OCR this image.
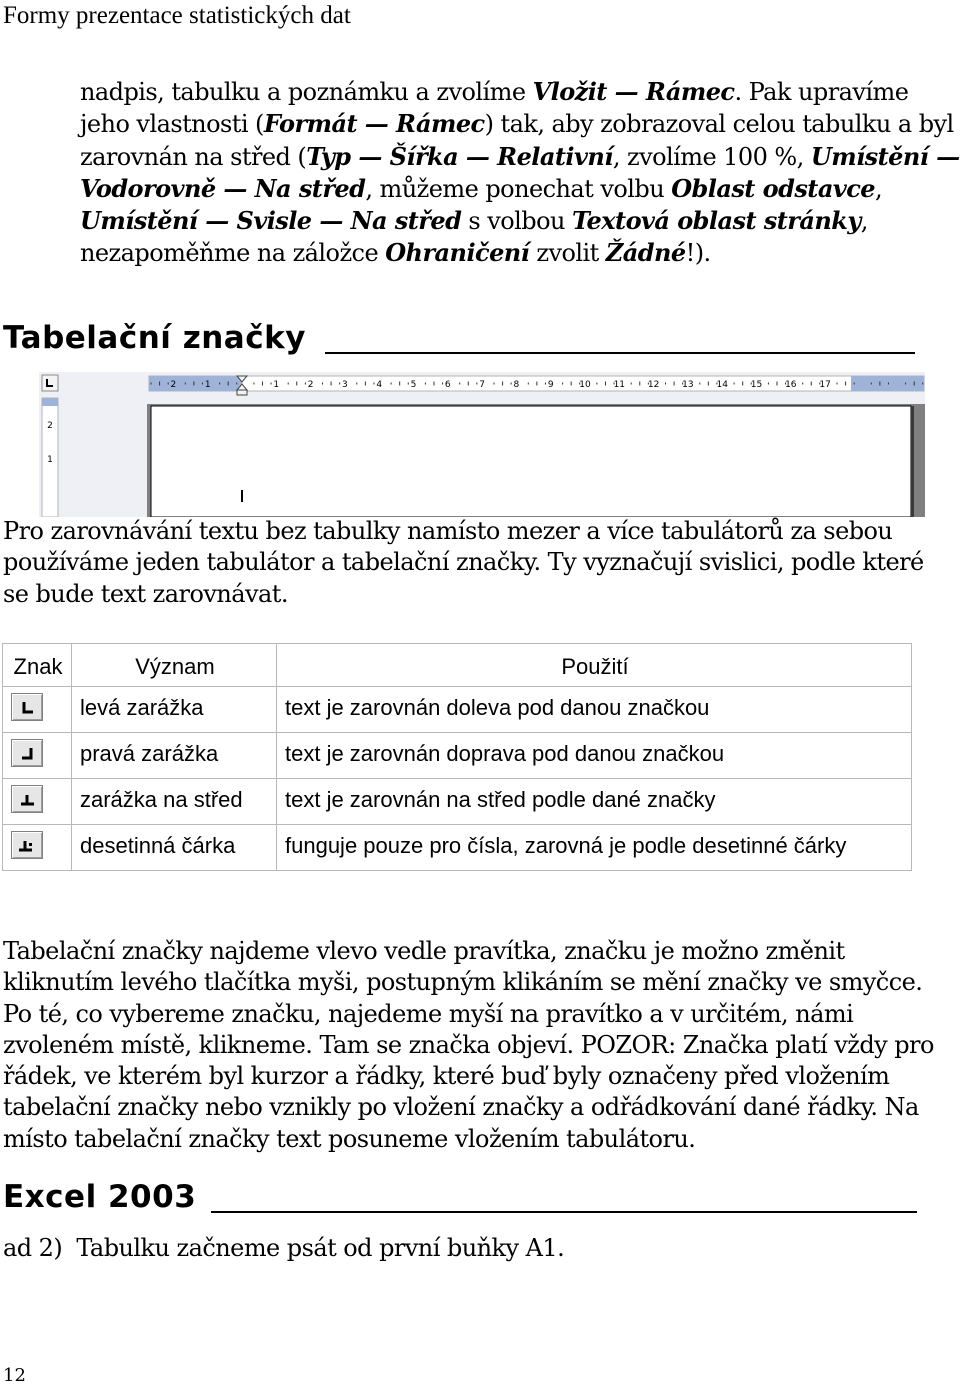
Formy prezentace statistických dat
nadpis, tabulku a poznámku a zvolíme Vložit — Rámec. Pak upravíme jeho vlastnosti (Formát — Rámec) tak, aby zobrazoval celou tabulku a byl zarovnán na střed (Typ — Šířka — Relativní, zvolíme 100 %, Umístění — Vodorovně — Na střed, můžeme ponechat volbu Oblast odstavce, Umístění — Svisle — Na střed s volbou Textová oblast stránky, nezapoměňme na záložce Ohraničení zvolit Žádné!).
Tabelační značky
2	1	1	2	3	4	5	6	7	8	9	10	11	12	13	14	15	16	17
2
1
Pro zarovnávání textu bez tabulky namísto mezer a více tabulátorů za sebou používáme jeden tabulátor a tabelační značky. Ty vyznačují svislici, podle které se bude text zarovnávat.
Znak	Význam	Použití

	levá zarážka	text je zarovnán doleva pod danou značkou

	pravá zarážka	text je zarovnán doprava pod danou značkou

	zarážka na střed	text je zarovnán na střed podle dané značky

	desetinná čárka	funguje pouze pro čísla, zarovná je podle desetinné čárky
Tabelační značky najdeme vlevo vedle pravítka, značku je možno změnit kliknutím levého tlačítka myši, postupným klikáním se mění značky ve smyčce. Po té, co vybereme značku, najedeme myší na pravítko a v určitém, námi zvoleném místě, klikneme. Tam se značka objeví. POZOR: Značka platí vždy pro řádek, ve kterém byl kurzor a řádky, které buď byly označeny před vložením tabelační značky nebo vznikly po vložení značky a odřádkování dané řádky. Na místo tabelační značky text posuneme vložením tabulátoru.
Excel 2003
ad 2)  Tabulku začneme psát od první buňky A1.
12
